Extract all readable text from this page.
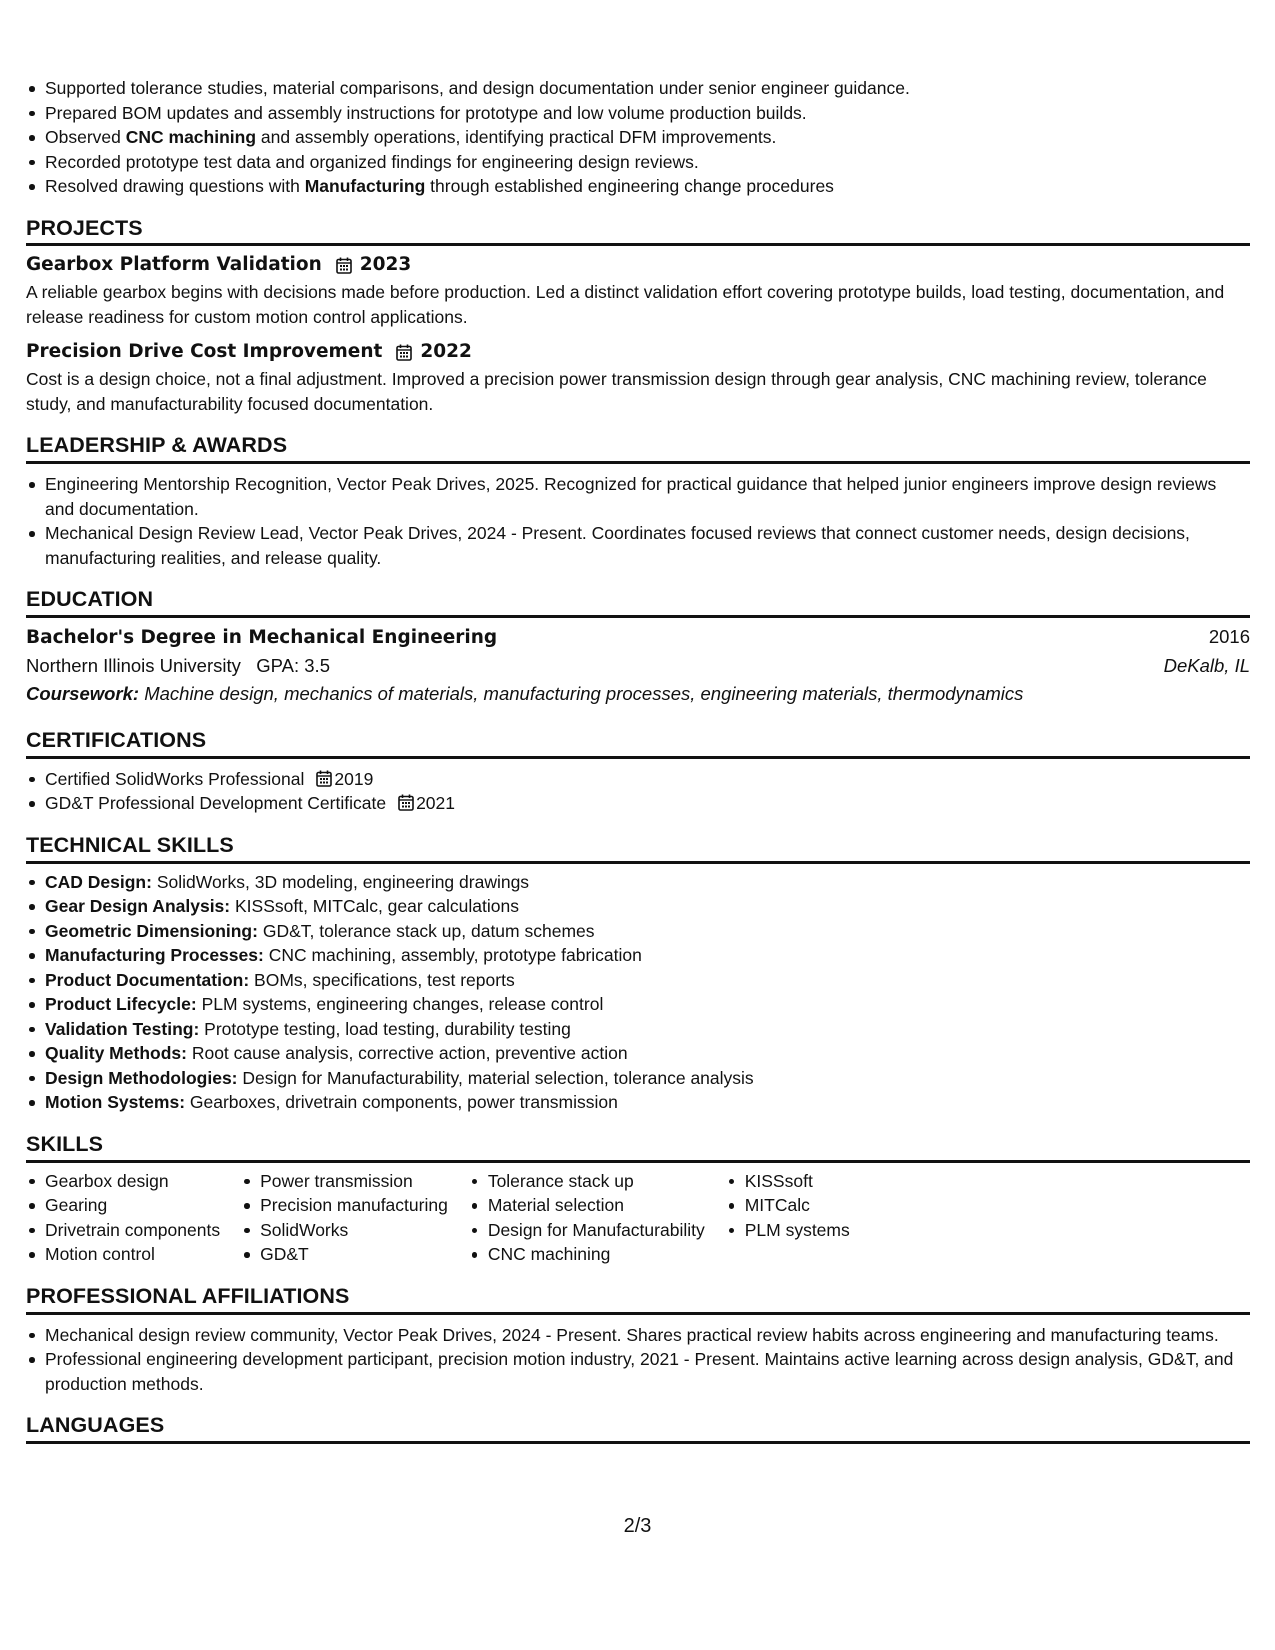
Supported tolerance studies, material comparisons, and design documentation under senior engineer guidance.
Prepared BOM updates and assembly instructions for prototype and low volume production builds.
Observed CNC machining and assembly operations, identifying practical DFM improvements.
Recorded prototype test data and organized findings for engineering design reviews.
Resolved drawing questions with Manufacturing through established engineering change procedures
PROJECTS
Gearbox Platform Validation 2023
A reliable gearbox begins with decisions made before production. Led a distinct validation effort covering prototype builds, load testing, documentation, and release readiness for custom motion control applications.
Precision Drive Cost Improvement 2022
Cost is a design choice, not a final adjustment. Improved a precision power transmission design through gear analysis, CNC machining review, tolerance study, and manufacturability focused documentation.
LEADERSHIP & AWARDS
Engineering Mentorship Recognition, Vector Peak Drives, 2025. Recognized for practical guidance that helped junior engineers improve design reviews and documentation.
Mechanical Design Review Lead, Vector Peak Drives, 2024 - Present. Coordinates focused reviews that connect customer needs, design decisions, manufacturing realities, and release quality.
EDUCATION
Bachelor's Degree in Mechanical Engineering	2016
Northern Illinois University GPA: 3.5	DeKalb, IL
Coursework: Machine design, mechanics of materials, manufacturing processes, engineering materials, thermodynamics
CERTIFICATIONS
Certified SolidWorks Professional 2019
GD&T Professional Development Certificate 2021
TECHNICAL SKILLS
CAD Design: SolidWorks, 3D modeling, engineering drawings
Gear Design Analysis: KISSsoft, MITCalc, gear calculations
Geometric Dimensioning: GD&T, tolerance stack up, datum schemes
Manufacturing Processes: CNC machining, assembly, prototype fabrication
Product Documentation: BOMs, specifications, test reports
Product Lifecycle: PLM systems, engineering changes, release control
Validation Testing: Prototype testing, load testing, durability testing
Quality Methods: Root cause analysis, corrective action, preventive action
Design Methodologies: Design for Manufacturability, material selection, tolerance analysis
Motion Systems: Gearboxes, drivetrain components, power transmission
SKILLS
Gearbox design
Gearing
Drivetrain components
Motion control
Power transmission
Precision manufacturing
SolidWorks
GD&T
Tolerance stack up
Material selection
Design for Manufacturability
CNC machining
KISSsoft
MITCalc
PLM systems
PROFESSIONAL AFFILIATIONS
Mechanical design review community, Vector Peak Drives, 2024 - Present. Shares practical review habits across engineering and manufacturing teams.
Professional engineering development participant, precision motion industry, 2021 - Present. Maintains active learning across design analysis, GD&T, and production methods.
LANGUAGES
2/3
